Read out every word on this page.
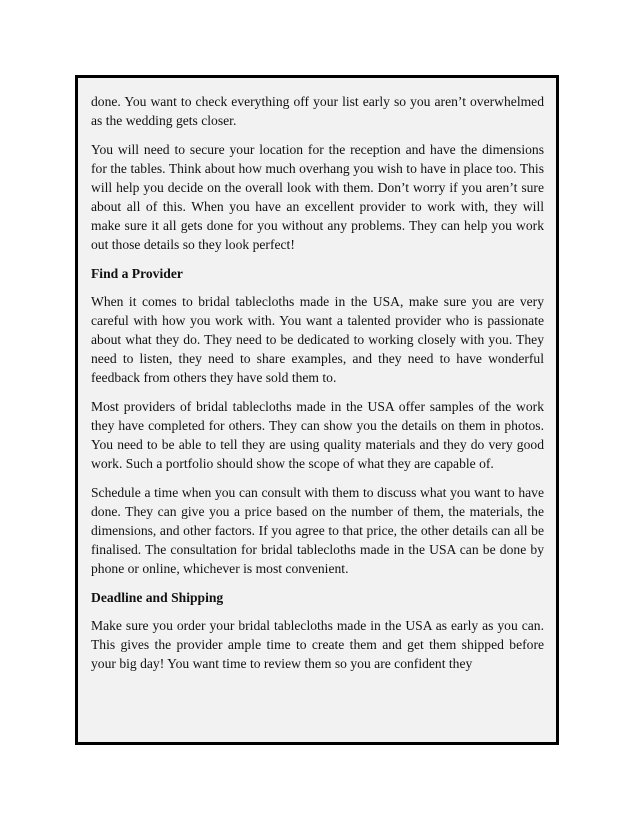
done. You want to check everything off your list early so you aren’t overwhelmed as the wedding gets closer.

You will need to secure your location for the reception and have the dimensions for the tables. Think about how much overhang you wish to have in place too. This will help you decide on the overall look with them. Don’t worry if you aren’t sure about all of this. When you have an excellent provider to work with, they will make sure it all gets done for you without any problems. They can help you work out those details so they look perfect!

Find a Provider

When it comes to bridal tablecloths made in the USA, make sure you are very careful with how you work with. You want a talented provider who is passionate about what they do. They need to be dedicated to working closely with you. They need to listen, they need to share examples, and they need to have wonderful feedback from others they have sold them to.

Most providers of bridal tablecloths made in the USA offer samples of the work they have completed for others. They can show you the details on them in photos. You need to be able to tell they are using quality materials and they do very good work. Such a portfolio should show the scope of what they are capable of.

Schedule a time when you can consult with them to discuss what you want to have done. They can give you a price based on the number of them, the materials, the dimensions, and other factors. If you agree to that price, the other details can all be finalised. The consultation for bridal tablecloths made in the USA can be done by phone or online, whichever is most convenient.

Deadline and Shipping

Make sure you order your bridal tablecloths made in the USA as early as you can. This gives the provider ample time to create them and get them shipped before your big day! You want time to review them so you are confident they
